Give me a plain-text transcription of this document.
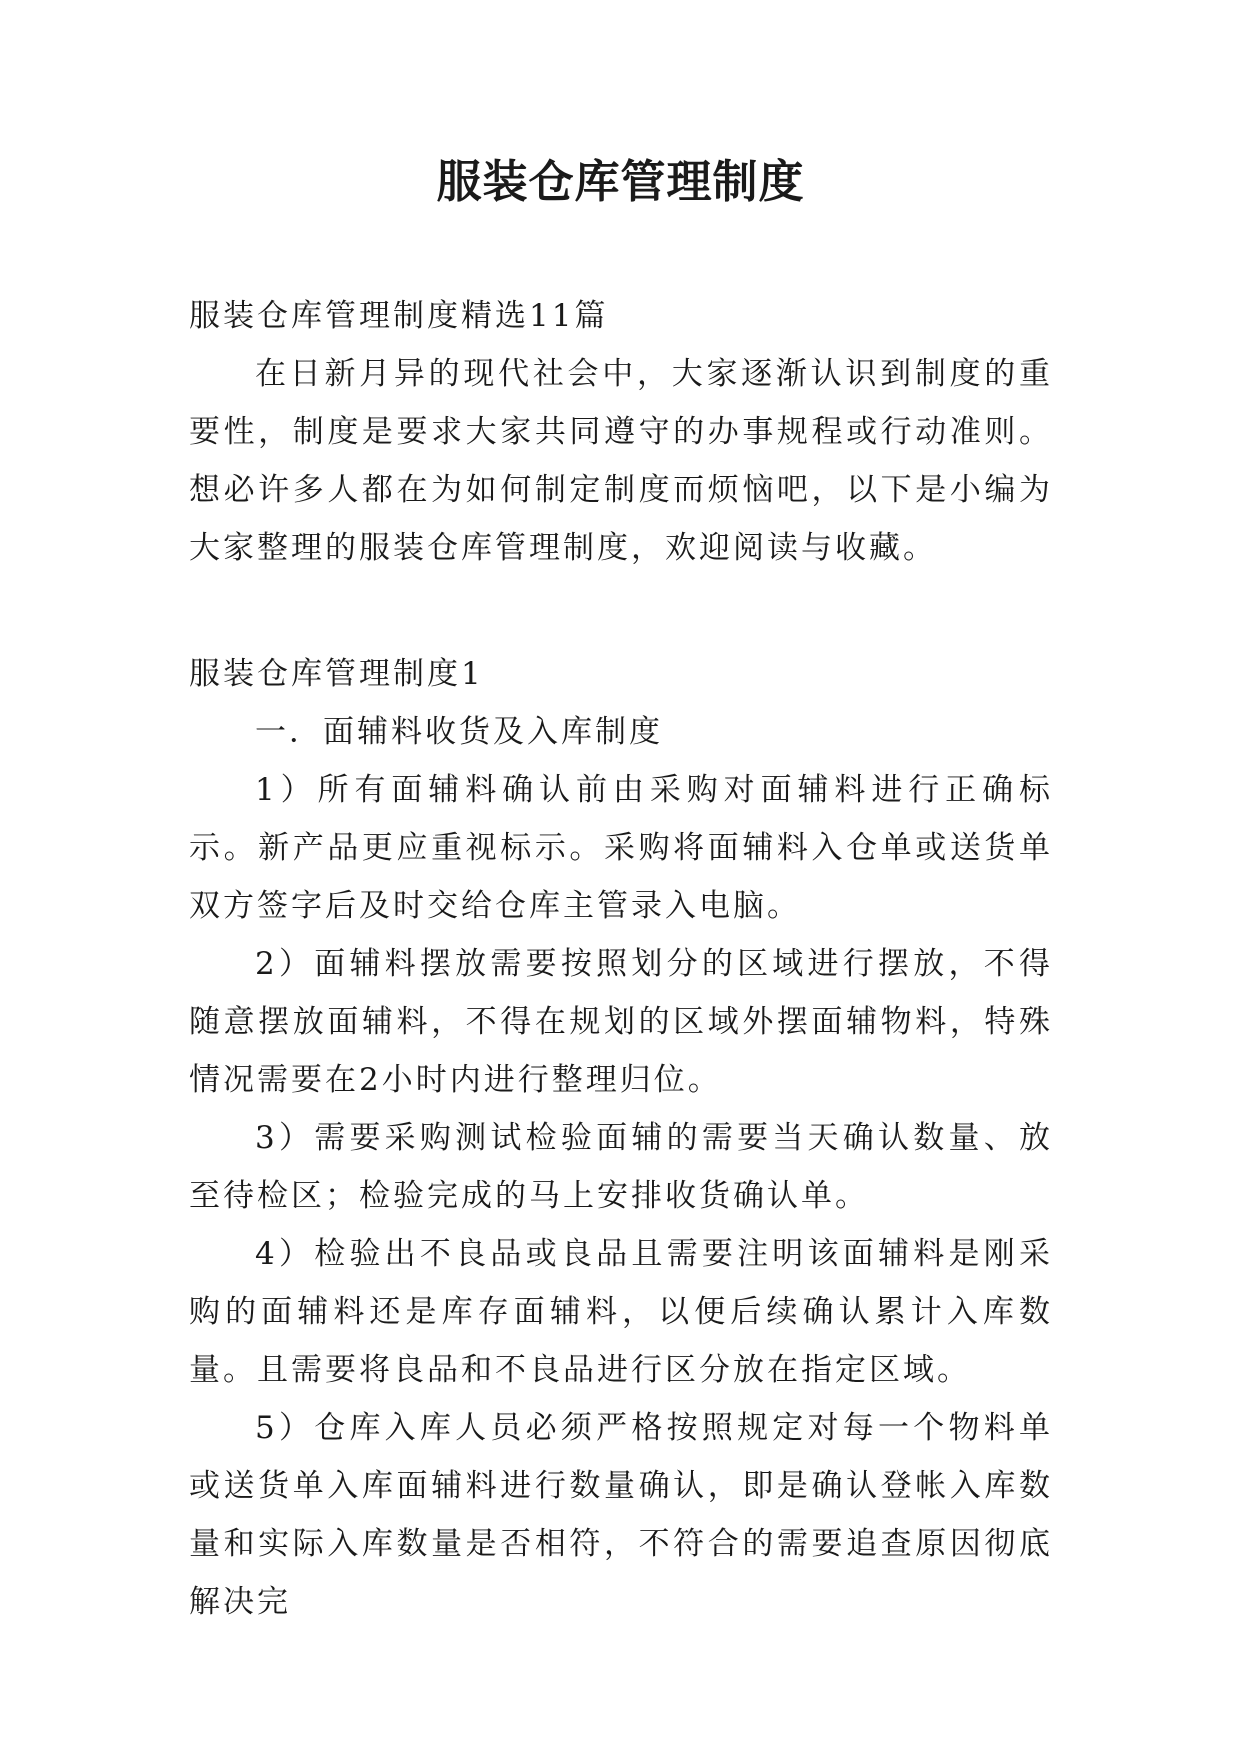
服装仓库管理制度

服装仓库管理制度精选11篇

在日新月异的现代社会中，大家逐渐认识到制度的重要性，制度是要求大家共同遵守的办事规程或行动准则。想必许多人都在为如何制定制度而烦恼吧，以下是小编为大家整理的服装仓库管理制度，欢迎阅读与收藏。

服装仓库管理制度1

一．面辅料收货及入库制度

1）所有面辅料确认前由采购对面辅料进行正确标示。新产品更应重视标示。采购将面辅料入仓单或送货单双方签字后及时交给仓库主管录入电脑。

2）面辅料摆放需要按照划分的区域进行摆放，不得随意摆放面辅料，不得在规划的区域外摆面辅物料，特殊情况需要在2小时内进行整理归位。

3）需要采购测试检验面辅的需要当天确认数量、放至待检区；检验完成的马上安排收货确认单。

4）检验出不良品或良品且需要注明该面辅料是刚采购的面辅料还是库存面辅料，以便后续确认累计入库数量。且需要将良品和不良品进行区分放在指定区域。

5）仓库入库人员必须严格按照规定对每一个物料单或送货单入库面辅料进行数量确认，即是确认登帐入库数量和实际入库数量是否相符，不符合的需要追查原因彻底解决完
